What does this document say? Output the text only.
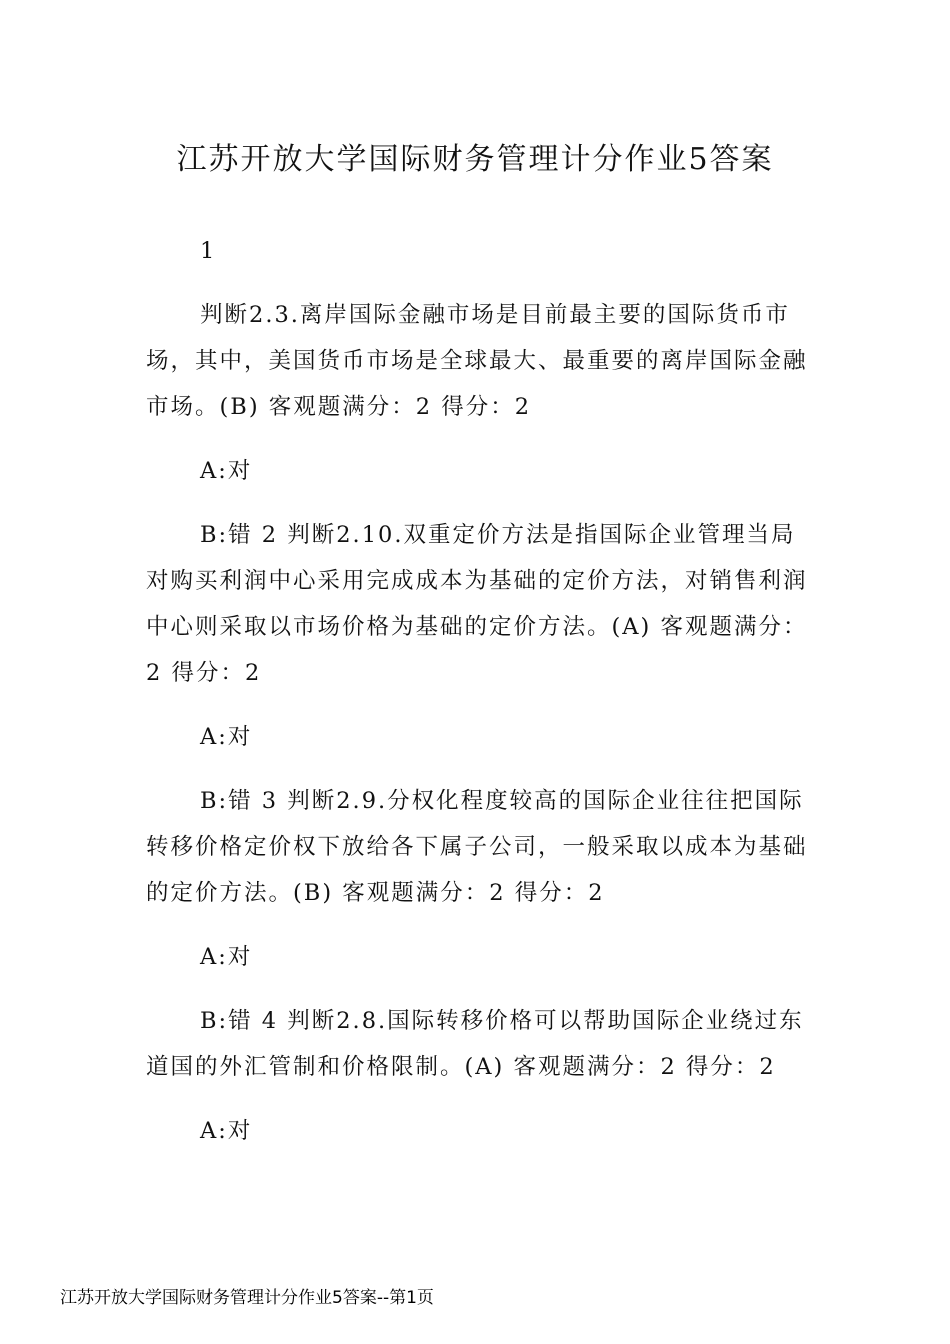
江苏开放大学国际财务管理计分作业5答案

1

判断2.3.离岸国际金融市场是目前最主要的国际货币市场，其中，美国货币市场是全球最大、最重要的离岸国际金融市场。(B) 客观题满分：2 得分：2

A:对

B:错 2 判断2.10.双重定价方法是指国际企业管理当局对购买利润中心采用完成成本为基础的定价方法，对销售利润中心则采取以市场价格为基础的定价方法。(A) 客观题满分：2 得分：2

A:对

B:错 3 判断2.9.分权化程度较高的国际企业往往把国际转移价格定价权下放给各下属子公司，一般采取以成本为基础的定价方法。(B) 客观题满分：2 得分：2

A:对

B:错 4 判断2.8.国际转移价格可以帮助国际企业绕过东道国的外汇管制和价格限制。(A) 客观题满分：2 得分：2

A:对

江苏开放大学国际财务管理计分作业5答案--第1页
